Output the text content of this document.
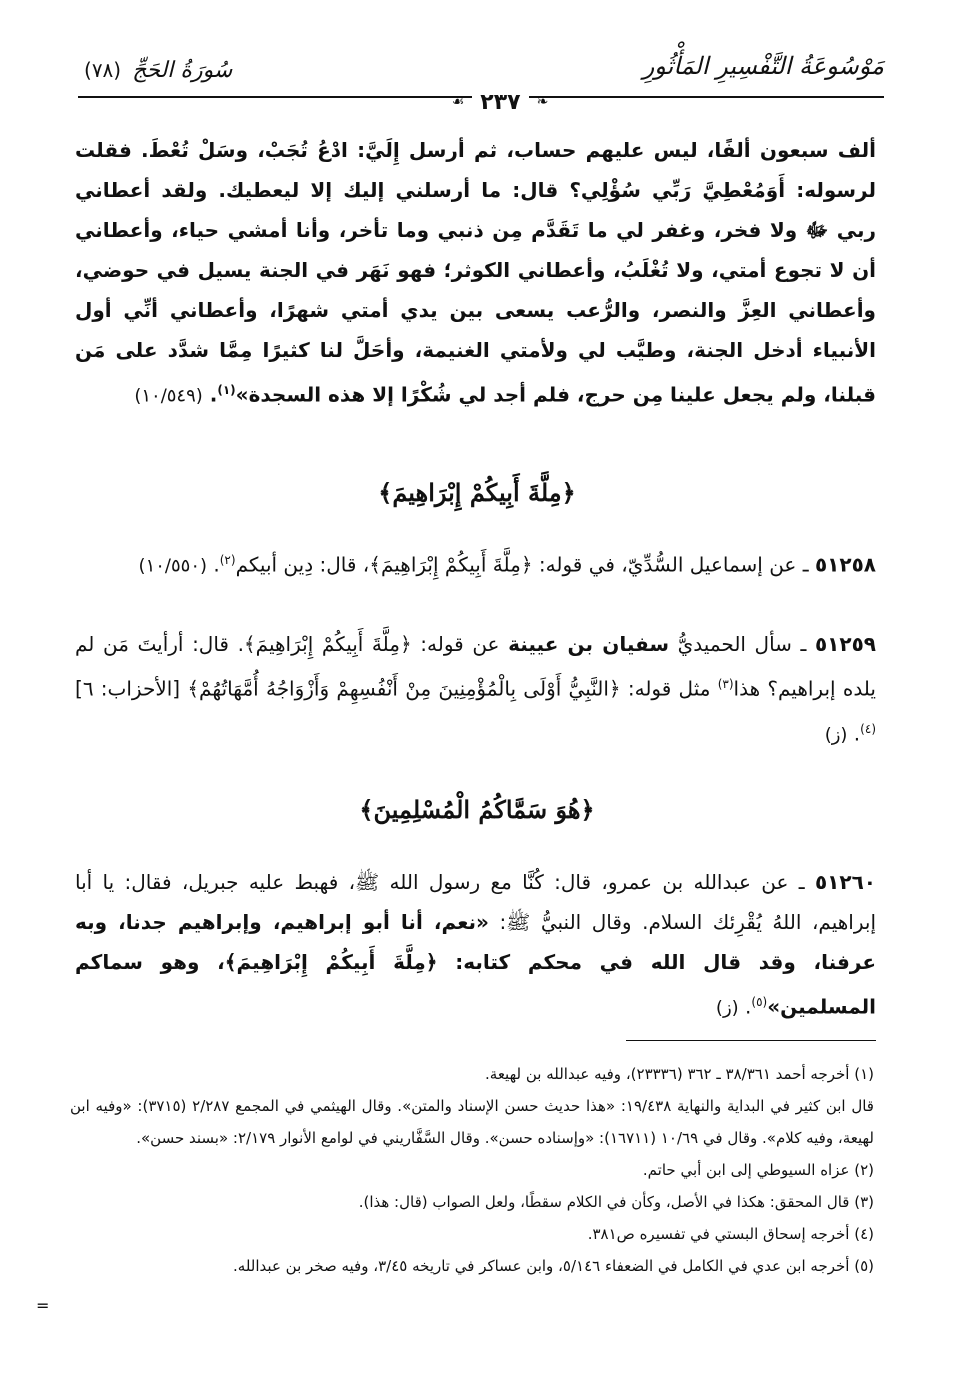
سُورَةُ الحَجِّ (٧٨)	مَوْسُوعَةُ التَّفْسِيرِ المَأْثُورِ
❧
٢٣٧
☙
ألف سبعون ألفًا، ليس عليهم حساب، ثم أرسل إِلَيَّ: ادْعُ تُجَبْ، وسَلْ تُعْطَ. فقلت لرسوله: أَوَمُعْطِيَّ رَبِّي سُؤْلِي؟ قال: ما أرسلني إليك إلا ليعطيك. ولقد أعطاني ربي ﷻ ولا فخر، وغفر لي ما تَقَدَّم مِن ذنبي وما تأخر، وأنا أمشي حياء، وأعطاني أن لا تجوع أمتي، ولا تُغْلَبُ، وأعطاني الكوثر؛ فهو نَهَر في الجنة يسيل في حوضي، وأعطاني العِزَّ والنصر، والرُّعب يسعى بين يدي أمتي شهرًا، وأعطاني أنِّي أول الأنبياء أدخل الجنة، وطيَّب لي ولأمتي الغنيمة، وأحَلَّ لنا كثيرًا مِمَّا شدَّد على مَن قبلنا، ولم يجعل علينا مِن حرج، فلم أجد لي شُكْرًا إلا هذه السجدة»$^{(١)}$. (١٠/٥٤٩)
﴿مِلَّةَ أَبِيكُمْ إِبْرَاهِيمَ﴾
٥١٢٥٨ ـ عن إسماعيل السُّدِّيّ، في قوله: ﴿مِلَّةَ أَبِيكُمْ إِبْرَاهِيمَ﴾، قال: دِين أبيكم$^{(٢)}$. (١٠/٥٥٠)
٥١٢٥٩ ـ سأل الحميديُّ سفيان بن عيينة عن قوله: ﴿مِلَّةَ أَبِيكُمْ إِبْرَاهِيمَ﴾. قال: أرأيتَ مَن لم يلده إبراهيم؟ هذا$^{(٣)}$ مثل قوله: ﴿النَّبِيُّ أَوْلَى بِالْمُؤْمِنِينَ مِنْ أَنْفُسِهِمْ وَأَزْوَاجُهُ أُمَّهَاتُهُمْ﴾ [الأحزاب: ٦]$^{(٤)}$. (ز)
﴿هُوَ سَمَّاكُمُ الْمُسْلِمِينَ﴾
٥١٢٦٠ ـ عن عبدالله بن عمرو، قال: كُنَّا مع رسول الله ﷺ، فهبط عليه جبريل، فقال: يا أبا إبراهيم، اللهُ يُقْرِئك السلام. وقال النبيُّ ﷺ: «نعم، أنا أبو إبراهيم، وإبراهيم جدنا، وبه عرفنا، وقد قال الله في محكم كتابه: ﴿مِلَّةَ أَبِيكُمْ إِبْرَاهِيمَ﴾، وهو سماكم المسلمين»$^{(٥)}$. (ز)

(١) أخرجه أحمد ٣٨/٣٦١ ـ ٣٦٢ (٢٣٣٣٦)، وفيه عبدالله بن لهيعة.

قال ابن كثير في البداية والنهاية ١٩/٤٣٨: «هذا حديث حسن الإسناد والمتن». وقال الهيثمي في المجمع ٢/٢٨٧ (٣٧١٥): «وفيه ابن لهيعة، وفيه كلام». وقال في ١٠/٦٩ (١٦٧١١): «وإسناده حسن». وقال السَّفَّاريني في لوامع الأنوار ٢/١٧٩: «بسند حسن».

(٢) عزاه السيوطي إلى ابن أبي حاتم.

(٣) قال المحقق: هكذا في الأصل، وكأن في الكلام سقطًا، ولعل الصواب (قال: هذا).

(٤) أخرجه إسحاق البستي في تفسيره ص٣٨١.

(٥) أخرجه ابن عدي في الكامل في الضعفاء ٥/١٤٦، وابن عساكر في تاريخه ٣/٤٥، وفيه صخر بن عبدالله.

=
